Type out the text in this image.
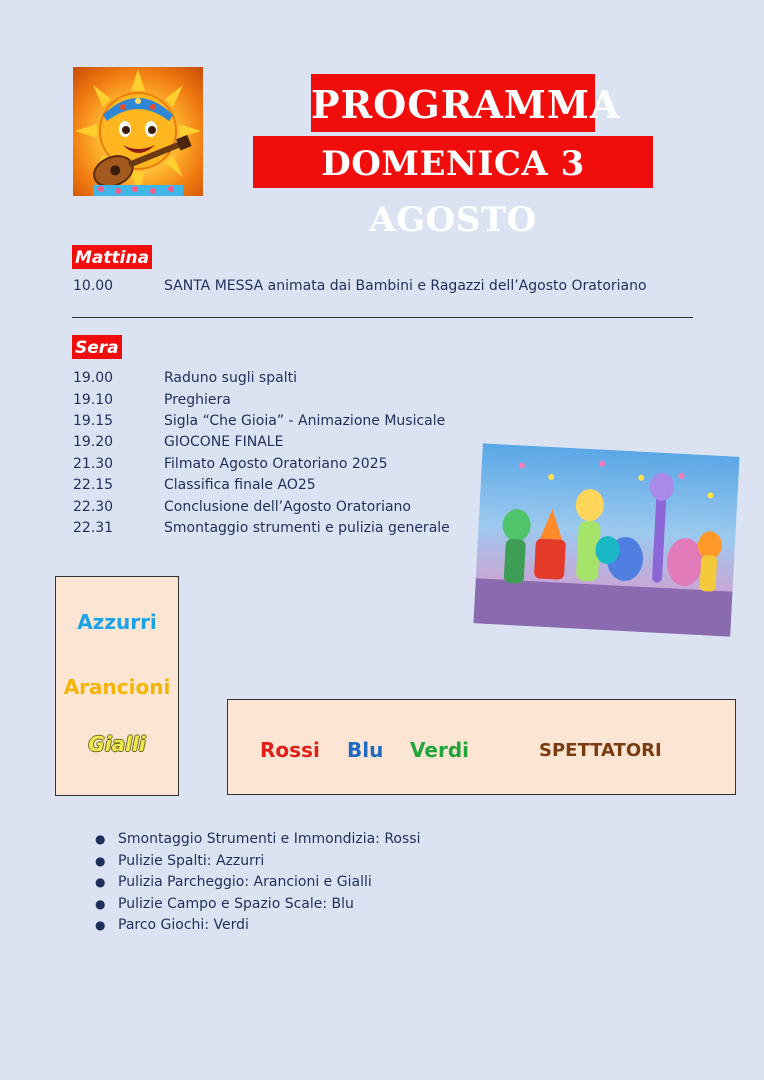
PROGRAMMA
DOMENICA 3 AGOSTO
Mattina
10.00	SANTA MESSA animata dai Bambini e Ragazzi dell’Agosto Oratoriano
Sera
19.00	Raduno sugli spalti
19.10	Preghiera
19.15	Sigla “Che Gioia” - Animazione Musicale
19.20	GIOCONE FINALE
21.30	Filmato Agosto Oratoriano 2025
22.15	Classifica finale AO25
22.30	Conclusione dell’Agosto Oratoriano
22.31	Smontaggio strumenti e pulizia generale
Azzurri
Arancioni
Gialli	Rossi Blu Verdi	SPETTATORI
● Smontaggio Strumenti e Immondizia: Rossi
● Pulizie Spalti: Azzurri
● Pulizia Parcheggio: Arancioni e Gialli
● Pulizie Campo e Spazio Scale: Blu
● Parco Giochi: Verdi
